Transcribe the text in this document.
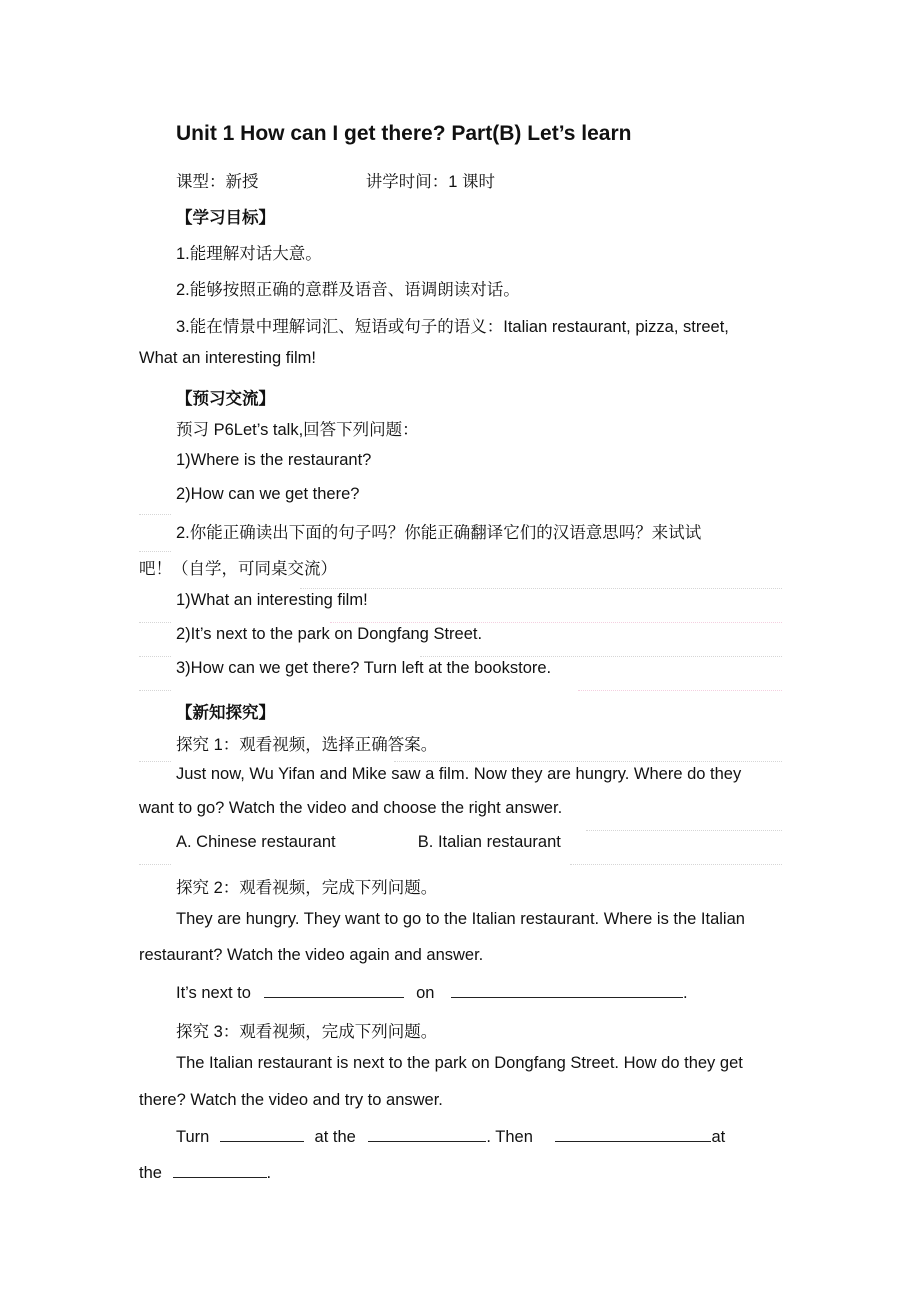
Unit 1 How can I get there? Part(B) Let’s learn
课型：新授	讲学时间：1 课时
【学习目标】
1.能理解对话大意。
2.能够按照正确的意群及语音、语调朗读对话。
3.能在情景中理解词汇、短语或句子的语义：Italian restaurant, pizza, street,
What an interesting film!
【预习交流】
预习 P6Let’s talk,回答下列问题：
1)Where is the restaurant?
2)How can we get there?
2.你能正确读出下面的句子吗？你能正确翻译它们的汉语意思吗？来试试
吧！（自学，可同桌交流）
1)What an interesting film!
2)It’s next to the park on Dongfang Street.
3)How can we get there? Turn left at the bookstore.
【新知探究】
探究 1：观看视频，选择正确答案。
Just now, Wu Yifan and Mike saw a film. Now they are hungry. Where do they
want to go? Watch the video and choose the right answer.
A. Chinese restaurant	B. Italian restaurant
探究 2：观看视频，完成下列问题。
They are hungry. They want to go to the Italian restaurant. Where is the Italian
restaurant? Watch the video again and answer.
It’s next to	on	.
探究 3：观看视频，完成下列问题。
The Italian restaurant is next to the park on Dongfang Street. How do they get
there? Watch the video and try to answer.
Turn	at the	. Then	at
the	.
